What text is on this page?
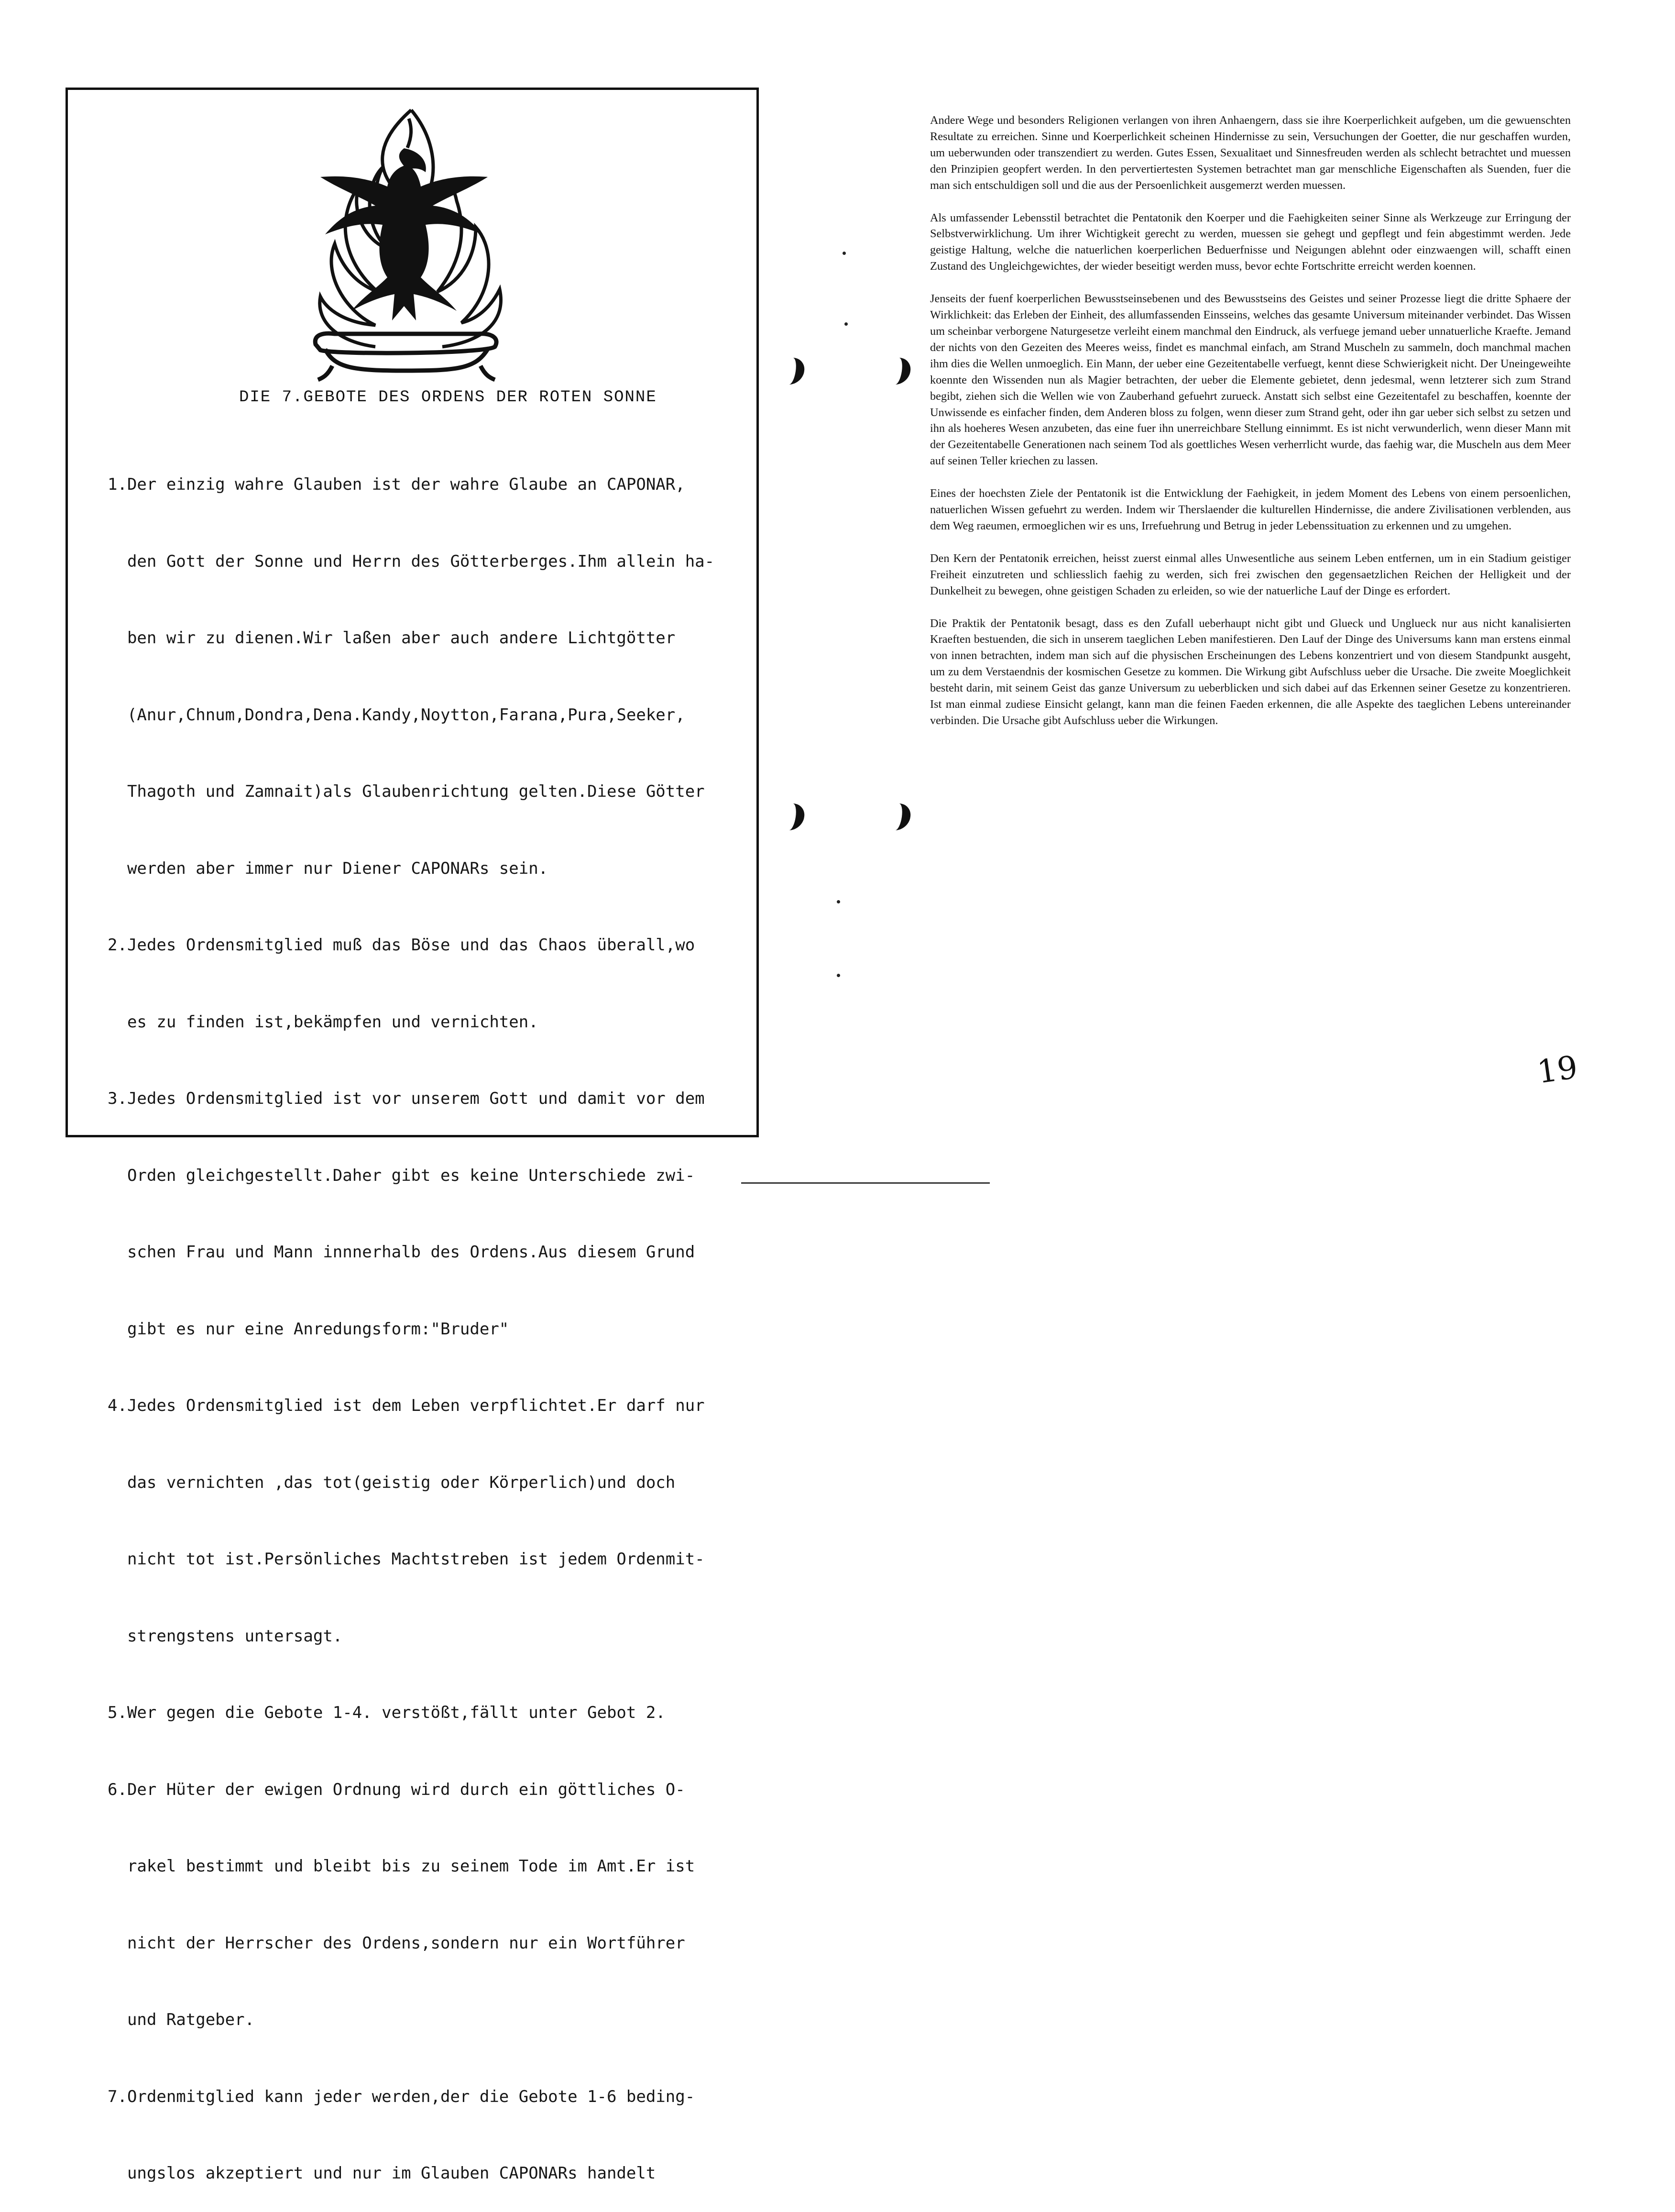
DIE 7.GEBOTE DES ORDENS DER ROTEN SONNE

1.Der einzig wahre Glauben ist der wahre Glaube an CAPONAR,

den Gott der Sonne und Herrn des Götterberges.Ihm allein ha-

ben wir zu dienen.Wir laßen aber auch andere Lichtgötter

(Anur,Chnum,Dondra,Dena.Kandy,Noytton,Farana,Pura,Seeker,

Thagoth und Zamnait)als Glaubenrichtung gelten.Diese Götter

werden aber immer nur Diener CAPONARs sein.

2.Jedes Ordensmitglied muß das Böse und das Chaos überall,wo

es zu finden ist,bekämpfen und vernichten.

3.Jedes Ordensmitglied ist vor unserem Gott und damit vor dem

Orden gleichgestellt.Daher gibt es keine Unterschiede zwi-

schen Frau und Mann innnerhalb des Ordens.Aus diesem Grund

gibt es nur eine Anredungsform:"Bruder"

4.Jedes Ordensmitglied ist dem Leben verpflichtet.Er darf nur

das vernichten ,das tot(geistig oder Körperlich)und doch

nicht tot ist.Persönliches Machtstreben ist jedem Ordenmit-

strengstens untersagt.

5.Wer gegen die Gebote 1-4. verstößt,fällt unter Gebot 2.

6.Der Hüter der ewigen Ordnung wird durch ein göttliches O-

rakel bestimmt und bleibt bis zu seinem Tode im Amt.Er ist

nicht der Herrscher des Ordens,sondern nur ein Wortführer

und Ratgeber.

7.Ordenmitglied kann jeder werden,der die Gebote 1-6 beding-

ungslos akzeptiert und nur im Glauben CAPONARs handelt

Andere Wege und besonders Religionen verlangen von ihren Anhaengern, dass sie ihre Koerperlichkeit aufgeben, um die gewuenschten Resultate zu erreichen. Sinne und Koerperlichkeit scheinen Hindernisse zu sein, Versuchungen der Goetter, die nur geschaffen wurden, um ueberwunden oder transzendiert zu werden. Gutes Essen, Sexualitaet und Sinnesfreuden werden als schlecht betrachtet und muessen den Prinzipien geopfert werden. In den pervertiertesten Systemen betrachtet man gar menschliche Eigenschaften als Suenden, fuer die man sich entschuldigen soll und die aus der Persoenlichkeit ausgemerzt werden muessen.

Als umfassender Lebensstil betrachtet die Pentatonik den Koerper und die Faehigkeiten seiner Sinne als Werkzeuge zur Erringung der Selbstverwirklichung. Um ihrer Wichtigkeit gerecht zu werden, muessen sie gehegt und gepflegt und fein abgestimmt werden. Jede geistige Haltung, welche die natuerlichen koerperlichen Beduerfnisse und Neigungen ablehnt oder einzwaengen will, schafft einen Zustand des Ungleichgewichtes, der wieder beseitigt werden muss, bevor echte Fortschritte erreicht werden koennen.

Jenseits der fuenf koerperlichen Bewusstseinsebenen und des Bewusstseins des Geistes und seiner Prozesse liegt die dritte Sphaere der Wirklichkeit: das Erleben der Einheit, des allumfassenden Einsseins, welches das gesamte Universum miteinander verbindet. Das Wissen um scheinbar verborgene Naturgesetze verleiht einem manchmal den Eindruck, als verfuege jemand ueber unnatuerliche Kraefte. Jemand der nichts von den Gezeiten des Meeres weiss, findet es manchmal einfach, am Strand Muscheln zu sammeln, doch manchmal machen ihm dies die Wellen unmoeglich. Ein Mann, der ueber eine Gezeitentabelle verfuegt, kennt diese Schwierigkeit nicht. Der Uneingeweihte koennte den Wissenden nun als Magier betrachten, der ueber die Elemente gebietet, denn jedesmal, wenn letzterer sich zum Strand begibt, ziehen sich die Wellen wie von Zauberhand gefuehrt zurueck. Anstatt sich selbst eine Gezeitentafel zu beschaffen, koennte der Unwissende es einfacher finden, dem Anderen bloss zu folgen, wenn dieser zum Strand geht, oder ihn gar ueber sich selbst zu setzen und ihn als hoeheres Wesen anzubeten, das eine fuer ihn unerreichbare Stellung einnimmt. Es ist nicht verwunderlich, wenn dieser Mann mit der Gezeitentabelle Generationen nach seinem Tod als goettliches Wesen verherrlicht wurde, das faehig war, die Muscheln aus dem Meer auf seinen Teller kriechen zu lassen.

Eines der hoechsten Ziele der Pentatonik ist die Entwicklung der Faehigkeit, in jedem Moment des Lebens von einem persoenlichen, natuerlichen Wissen gefuehrt zu werden. Indem wir Therslaender die kulturellen Hindernisse, die andere Zivilisationen verblenden, aus dem Weg raeumen, ermoeglichen wir es uns, Irrefuehrung und Betrug in jeder Lebenssituation zu erkennen und zu umgehen.

Den Kern der Pentatonik erreichen, heisst zuerst einmal alles Unwesentliche aus seinem Leben entfernen, um in ein Stadium geistiger Freiheit einzutreten und schliesslich faehig zu werden, sich frei zwischen den gegensaetzlichen Reichen der Helligkeit und der Dunkelheit zu bewegen, ohne geistigen Schaden zu erleiden, so wie der natuerliche Lauf der Dinge es erfordert.

Die Praktik der Pentatonik besagt, dass es den Zufall ueberhaupt nicht gibt und Glueck und Unglueck nur aus nicht kanalisierten Kraeften bestuenden, die sich in unserem taeglichen Leben manifestieren. Den Lauf der Dinge des Universums kann man erstens einmal von innen betrachten, indem man sich auf die physischen Erscheinungen des Lebens konzentriert und von diesem Standpunkt ausgeht, um zu dem Verstaendnis der kosmischen Gesetze zu kommen. Die Wirkung gibt Aufschluss ueber die Ursache. Die zweite Moeglichkeit besteht darin, mit seinem Geist das ganze Universum zu ueberblicken und sich dabei auf das Erkennen seiner Gesetze zu konzentrieren. Ist man einmal zudiese Einsicht gelangt, kann man die feinen Faeden erkennen, die alle Aspekte des taeglichen Lebens untereinander verbinden. Die Ursache gibt Aufschluss ueber die Wirkungen.

19
